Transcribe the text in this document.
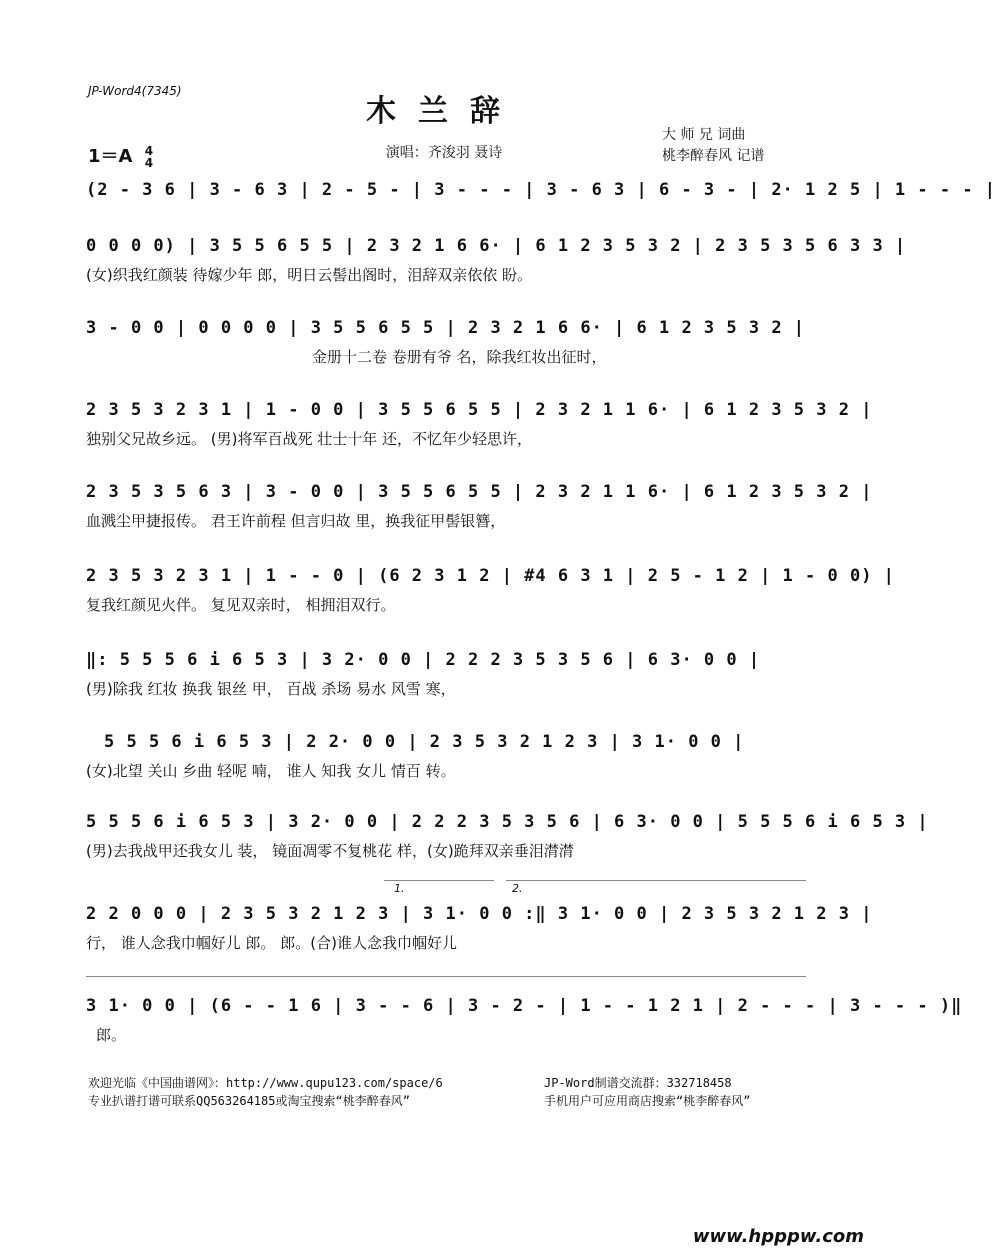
JP-Word4(7345)
木兰辞
大 师 兄 词曲
桃李醉春风 记谱
1＝A 4
4
演唱：齐浚羽 聂诗
(2 - 3 6 | 3 - 6 3 | 2 - 5 - | 3 - - - | 3 - 6 3 | 6 - 3 - | 2· 1 2 5 | 1 - - - |
0 0 0 0) | 3 5 5 6 5 5 | 2 3 2 1 6 6· | 6 1 2 3 5 3 2 | 2 3 5 3 5 6 3 3 |
(女)织我红颜装 待嫁少年 郎，明日云髻出阁时，泪辞双亲依依 盼。
3 - 0 0 | 0 0 0 0 | 3 5 5 6 5 5 | 2 3 2 1 6 6· | 6 1 2 3 5 3 2 |
金册十二卷 卷册有爷 名，除我红妆出征时，
2 3 5 3 2 3 1 | 1 - 0 0 | 3 5 5 6 5 5 | 2 3 2 1 1 6· | 6 1 2 3 5 3 2 |
独别父兄故乡远。 (男)将军百战死 壮士十年 还，不忆年少轻思许，
2 3 5 3 5 6 3 | 3 - 0 0 | 3 5 5 6 5 5 | 2 3 2 1 1 6· | 6 1 2 3 5 3 2 |
血溅尘甲捷报传。 君王许前程 但言归故 里，换我征甲髻银簪，
2 3 5 3 2 3 1 | 1 - - 0 | (6 2 3 1 2 | #4 6 3 1 | 2 5 - 1 2 | 1 - 0 0) |
复我红颜见火伴。 复见双亲时， 相拥泪双行。
‖: 5 5 5 6 i 6 5 3 | 3 2· 0 0 | 2 2 2 3 5 3 5 6 | 6 3· 0 0 |
(男)除我 红妆 换我 银丝 甲， 百战 杀场 易水 风雪 寒，
5 5 5 6 i 6 5 3 | 2 2· 0 0 | 2 3 5 3 2 1 2 3 | 3 1· 0 0 |
(女)北望 关山 乡曲 轻呢 喃， 谁人 知我 女儿 情百 转。
5 5 5 6 i 6 5 3 | 3 2· 0 0 | 2 2 2 3 5 3 5 6 | 6 3· 0 0 | 5 5 5 6 i 6 5 3 |
(男)去我战甲还我女儿 装， 镜面凋零不复桃花 样，(女)跪拜双亲垂泪潸潸
1.	2.
2 2 0 0 0 | 2 3 5 3 2 1 2 3 | 3 1· 0 0 :‖ 3 1· 0 0 | 2 3 5 3 2 1 2 3 |
行， 谁人念我巾帼好儿 郎。 郎。(合)谁人念我巾帼好儿
3 1· 0 0 | (6 - - 1 6 | 3 - - 6 | 3 - 2 - | 1 - - 1 2 1 | 2 - - - | 3 - - - )‖
郎。
欢迎光临《中国曲谱网》：http://www.qupu123.com/space/6
专业扒谱打谱可联系QQ563264185或淘宝搜索“桃李醉春风”
JP-Word制谱交流群：332718458
手机用户可应用商店搜索“桃李醉春风”
www.hpppw.com
